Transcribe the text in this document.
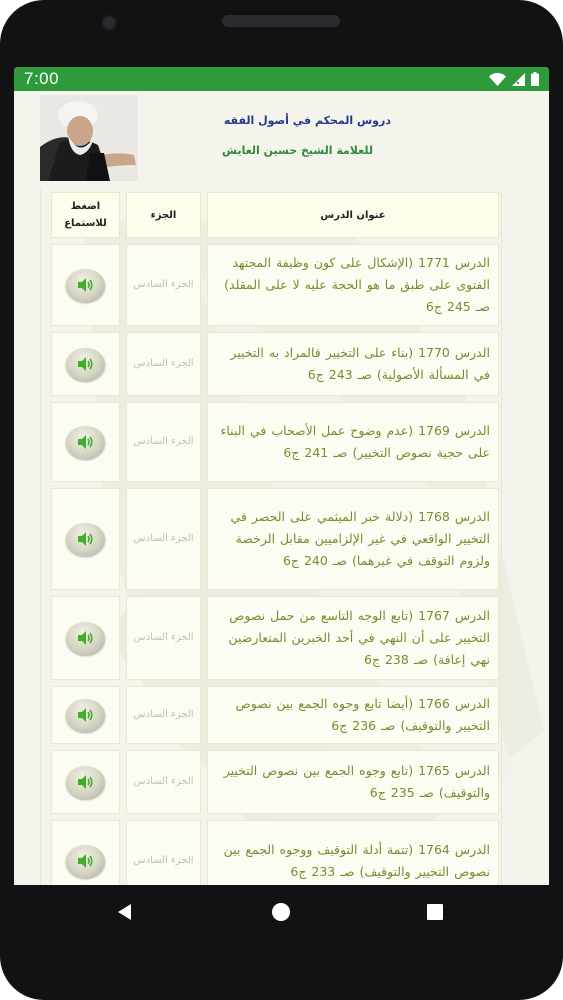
7:00
دروس المحكم في أصول الفقه
للعلامة الشيخ حسين العايش
اضغط للاستماع
الجزء	عنوان الدرس
الجزء السادس
الدرس 1771 (الإشكال على كون وظيفة المجتهد الفتوى على طبق ما هو الحجة عليه لا على المقلد) صـ 245 ج6
الجزء السادس
الدرس 1770 (بناء على التخيير فالمراد به التخيير في المسألة الأصولية) صـ 243 ج6
الجزء السادس
الدرس 1769 (عدم وضوح عمل الأصحاب في البناء على حجية نصوص التخيير) صـ 241 ج6
الجزء السادس
الدرس 1768 (دلالة خبر الميثمي على الحصر في التخيير الواقعي في غير الإلزاميين مقابل الرخصة ولزوم التوقف في غيرهما) صـ 240 ج6
الجزء السادس
الدرس 1767 (تابع الوجه التاسع من حمل نصوص التخيير على أن النهي في أحد الخبرين المتعارضين نهي إعافة) صـ 238 ج6
الجزء السادس
الدرس 1766 (أيضا تابع وجوه الجمع بين نصوص التخيير والتوقيف) صـ 236 ج6
الجزء السادس
الدرس 1765 (تابع وجوه الجمع بين نصوص التخيير والتوقيف) صـ 235 ج6
الجزء السادس
الدرس 1764 (تتمة أدلة التوقيف ووجوه الجمع بين نصوص التخيير والتوقيف) صـ 233 ج6
